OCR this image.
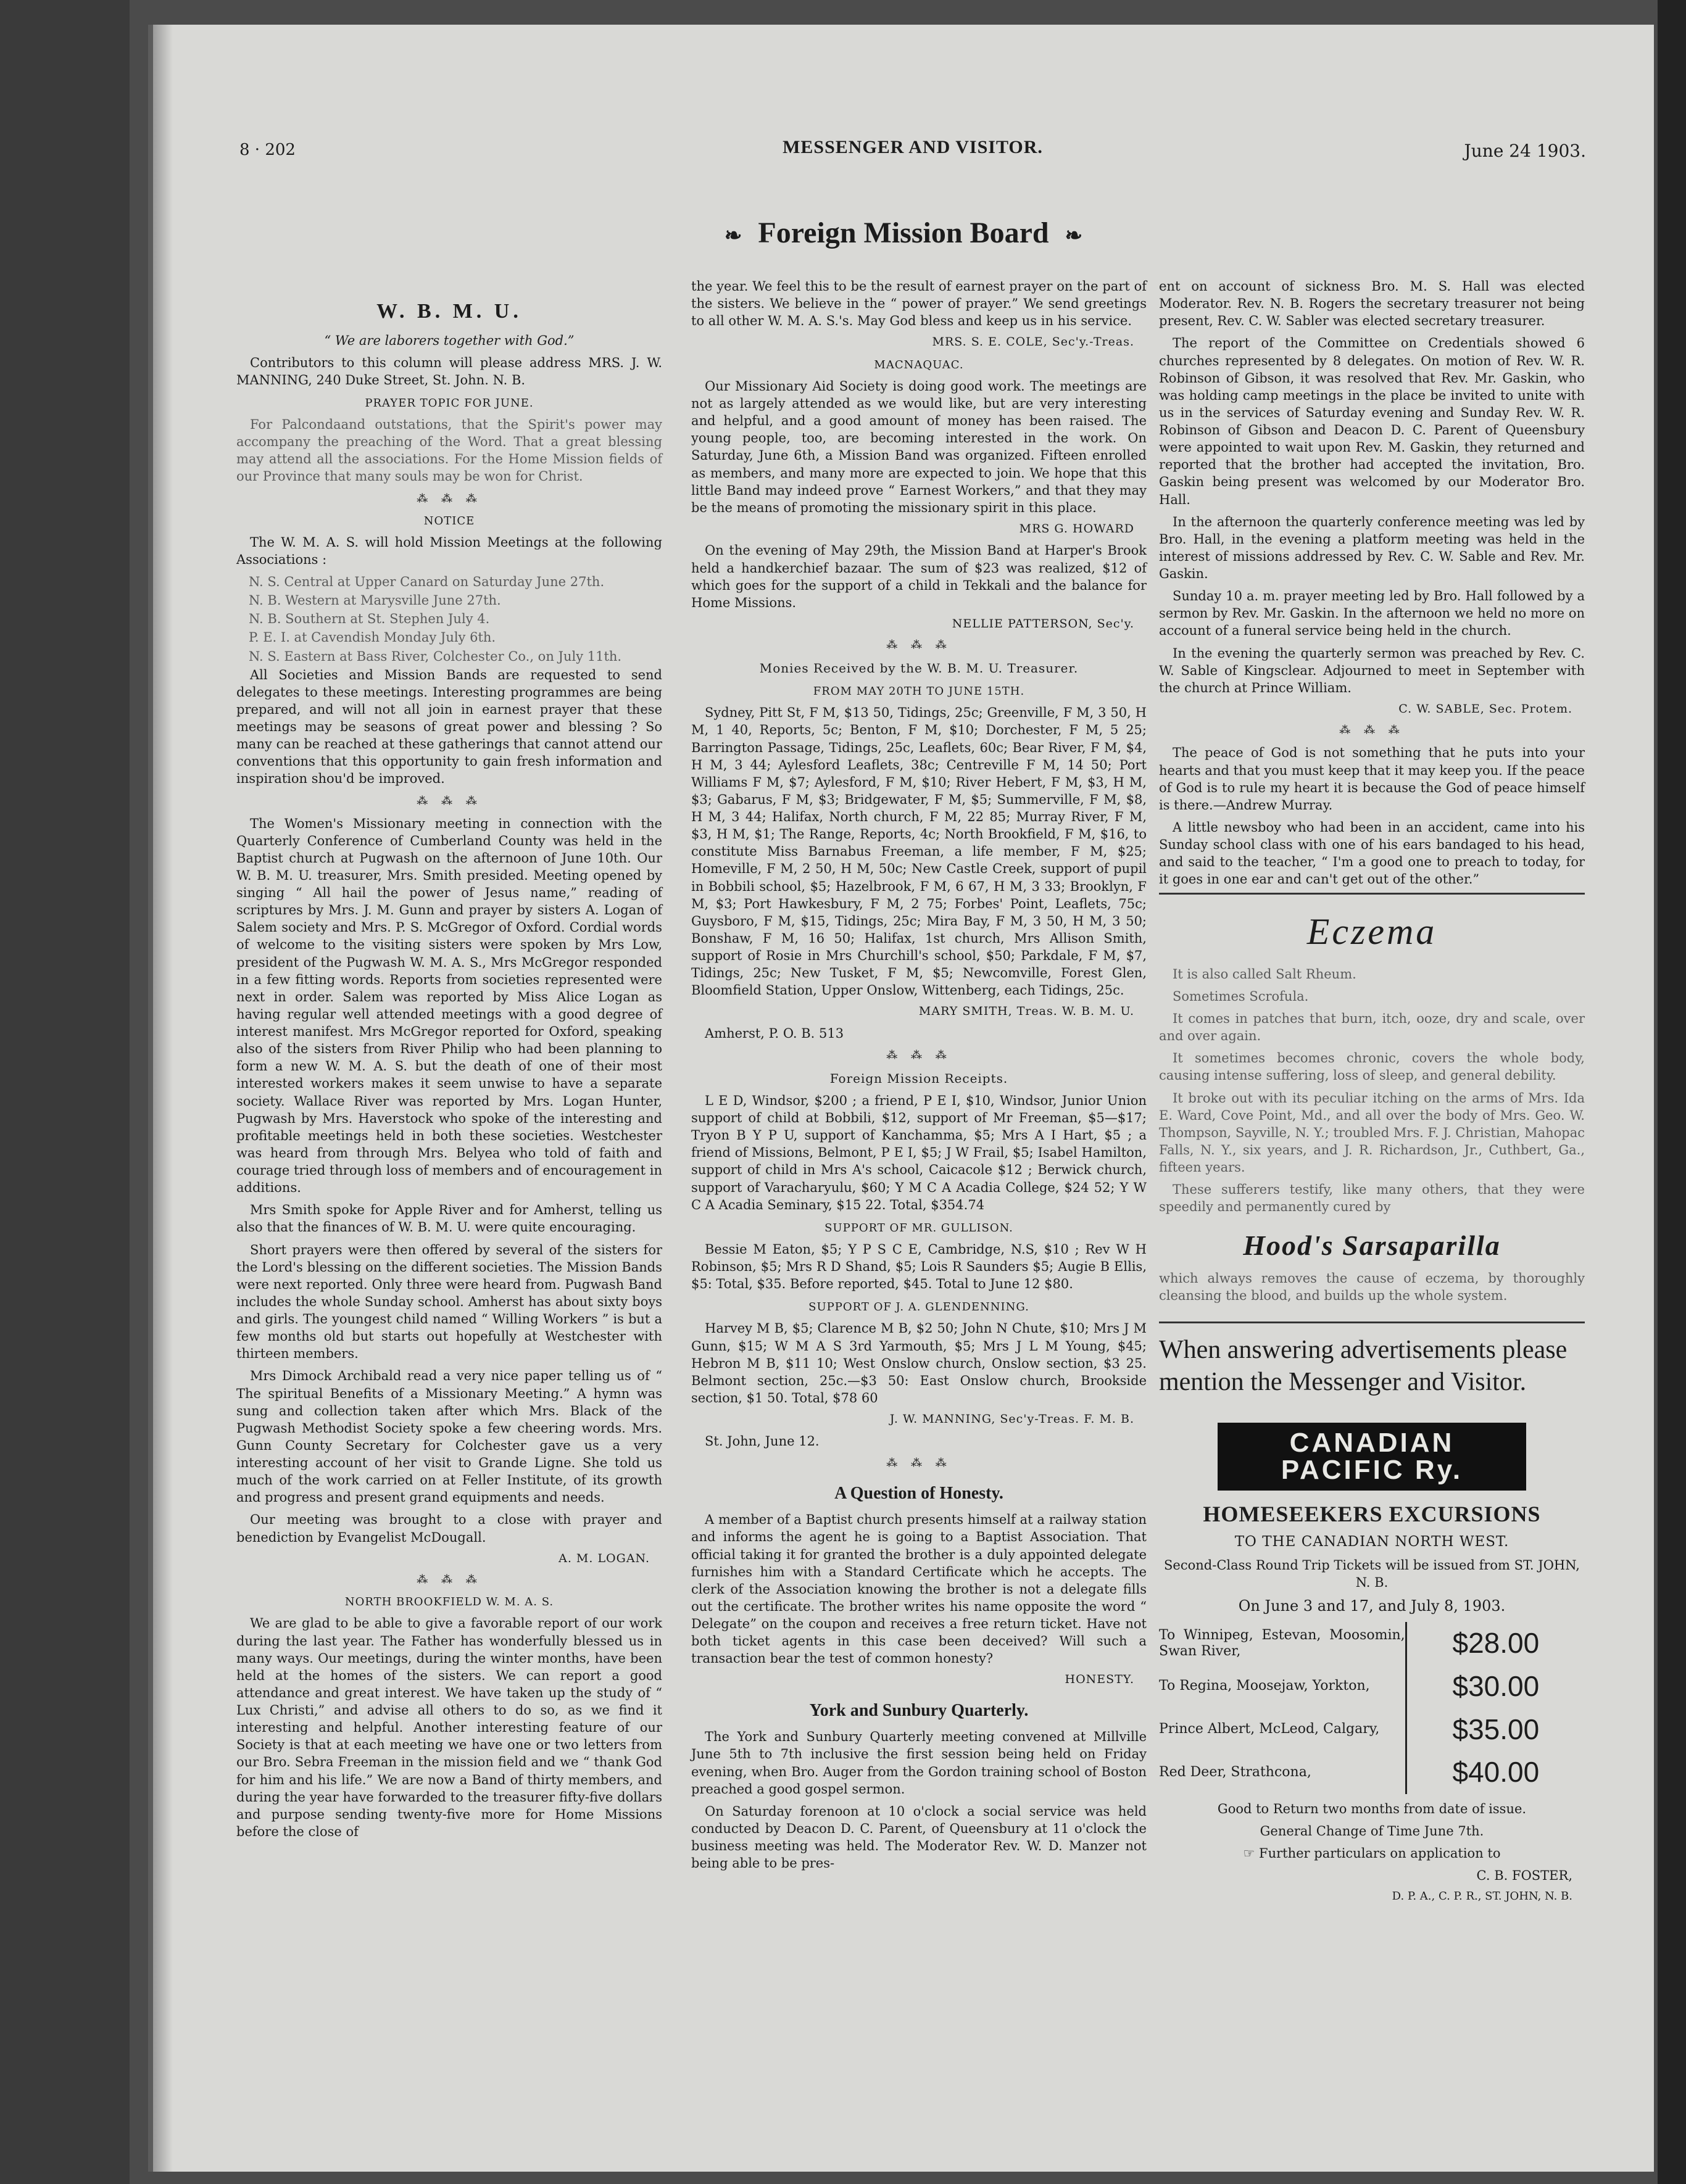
8 · 202	MESSENGER AND VISITOR.	June 24 1903.
❧ Foreign Mission Board ❧
W. B. M. U.

“ We are laborers together with God.”

Contributors to this column will please address MRS. J. W. MANNING, 240 Duke Street, St. John. N. B.

PRAYER TOPIC FOR JUNE.

For Palcondaand outstations, that the Spirit's power may accompany the preaching of the Word. That a great blessing may attend all the associations. For the Home Mission fields of our Province that many souls may be won for Christ.

⁂ ⁂ ⁂
NOTICE

The W. M. A. S. will hold Mission Meetings at the following Associations :

N. S. Central at Upper Canard on Saturday June 27th.

N. B. Western at Marysville June 27th.

N. B. Southern at St. Stephen July 4.

P. E. I. at Cavendish Monday July 6th.

N. S. Eastern at Bass River, Colchester Co., on July 11th.

All Societies and Mission Bands are requested to send delegates to these meetings. Interesting programmes are being prepared, and will not all join in earnest prayer that these meetings may be seasons of great power and blessing ? So many can be reached at these gatherings that cannot attend our conventions that this opportunity to gain fresh information and inspiration shou'd be improved.

⁂ ⁂ ⁂

The Women's Missionary meeting in connection with the Quarterly Conference of Cumberland County was held in the Baptist church at Pugwash on the afternoon of June 10th. Our W. B. M. U. treasurer, Mrs. Smith presided. Meeting opened by singing “ All hail the power of Jesus name,” reading of scriptures by Mrs. J. M. Gunn and prayer by sisters A. Logan of Salem society and Mrs. P. S. McGregor of Oxford. Cordial words of welcome to the visiting sisters were spoken by Mrs Low, president of the Pugwash W. M. A. S., Mrs McGregor responded in a few fitting words. Reports from societies represented were next in order. Salem was reported by Miss Alice Logan as having regular well attended meetings with a good degree of interest manifest. Mrs McGregor reported for Oxford, speaking also of the sisters from River Philip who had been planning to form a new W. M. A. S. but the death of one of their most interested workers makes it seem unwise to have a separate society. Wallace River was reported by Mrs. Logan Hunter, Pugwash by Mrs. Haverstock who spoke of the interesting and profitable meetings held in both these societies. Westchester was heard from through Mrs. Belyea who told of faith and courage tried through loss of members and of encouragement in additions.

Mrs Smith spoke for Apple River and for Amherst, telling us also that the finances of W. B. M. U. were quite encouraging.

Short prayers were then offered by several of the sisters for the Lord's blessing on the different societies. The Mission Bands were next reported. Only three were heard from. Pugwash Band includes the whole Sunday school. Amherst has about sixty boys and girls. The youngest child named “ Willing Workers ” is but a few months old but starts out hopefully at Westchester with thirteen members.

Mrs Dimock Archibald read a very nice paper telling us of “ The spiritual Benefits of a Missionary Meeting.” A hymn was sung and collection taken after which Mrs. Black of the Pugwash Methodist Society spoke a few cheering words. Mrs. Gunn County Secretary for Colchester gave us a very interesting account of her visit to Grande Ligne. She told us much of the work carried on at Feller Institute, of its growth and progress and present grand equipments and needs.

Our meeting was brought to a close with prayer and benediction by Evangelist McDougall.

A. M. LOGAN.

⁂ ⁂ ⁂
NORTH BROOKFIELD W. M. A. S.

We are glad to be able to give a favorable report of our work during the last year. The Father has wonderfully blessed us in many ways. Our meetings, during the winter months, have been held at the homes of the sisters. We can report a good attendance and great interest. We have taken up the study of “ Lux Christi,” and advise all others to do so, as we find it interesting and helpful. Another interesting feature of our Society is that at each meeting we have one or two letters from our Bro. Sebra Freeman in the mission field and we “ thank God for him and his life.” We are now a Band of thirty members, and during the year have forwarded to the treasurer fifty-five dollars and purpose sending twenty-five more for Home Missions before the close of

the year. We feel this to be the result of earnest prayer on the part of the sisters. We believe in the “ power of prayer.” We send greetings to all other W. M. A. S.'s. May God bless and keep us in his service.

MRS. S. E. COLE, Sec'y.-Treas.

MACNAQUAC.

Our Missionary Aid Society is doing good work. The meetings are not as largely attended as we would like, but are very interesting and helpful, and a good amount of money has been raised. The young people, too, are becoming interested in the work. On Saturday, June 6th, a Mission Band was organized. Fifteen enrolled as members, and many more are expected to join. We hope that this little Band may indeed prove “ Earnest Workers,” and that they may be the means of promoting the missionary spirit in this place.

MRS G. HOWARD

On the evening of May 29th, the Mission Band at Harper's Brook held a handkerchief bazaar. The sum of $23 was realized, $12 of which goes for the support of a child in Tekkali and the balance for Home Missions.

NELLIE PATTERSON, Sec'y.

⁂ ⁂ ⁂
Monies Received by the W. B. M. U. Treasurer.
FROM MAY 20TH TO JUNE 15TH.

Sydney, Pitt St, F M, $13 50, Tidings, 25c; Greenville, F M, 3 50, H M, 1 40, Reports, 5c; Benton, F M, $10; Dorchester, F M, 5 25; Barrington Passage, Tidings, 25c, Leaflets, 60c; Bear River, F M, $4, H M, 3 44; Aylesford Leaflets, 38c; Centreville F M, 14 50; Port Williams F M, $7; Aylesford, F M, $10; River Hebert, F M, $3, H M, $3; Gabarus, F M, $3; Bridgewater, F M, $5; Summerville, F M, $8, H M, 3 44; Halifax, North church, F M, 22 85; Murray River, F M, $3, H M, $1; The Range, Reports, 4c; North Brookfield, F M, $16, to constitute Miss Barnabus Freeman, a life member, F M, $25; Homeville, F M, 2 50, H M, 50c; New Castle Creek, support of pupil in Bobbili school, $5; Hazelbrook, F M, 6 67, H M, 3 33; Brooklyn, F M, $3; Port Hawkesbury, F M, 2 75; Forbes' Point, Leaflets, 75c; Guysboro, F M, $15, Tidings, 25c; Mira Bay, F M, 3 50, H M, 3 50; Bonshaw, F M, 16 50; Halifax, 1st church, Mrs Allison Smith, support of Rosie in Mrs Churchill's school, $50; Parkdale, F M, $7, Tidings, 25c; New Tusket, F M, $5; Newcomville, Forest Glen, Bloomfield Station, Upper Onslow, Wittenberg, each Tidings, 25c.

MARY SMITH, Treas. W. B. M. U.

Amherst, P. O. B. 513

⁂ ⁂ ⁂
Foreign Mission Receipts.

L E D, Windsor, $200 ; a friend, P E I, $10, Windsor, Junior Union support of child at Bobbili, $12, support of Mr Freeman, $5—$17; Tryon B Y P U, support of Kanchamma, $5; Mrs A I Hart, $5 ; a friend of Missions, Belmont, P E I, $5; J W Frail, $5; Isabel Hamilton, support of child in Mrs A's school, Caicacole $12 ; Berwick church, support of Varacharyulu, $60; Y M C A Acadia College, $24 52; Y W C A Acadia Seminary, $15 22. Total, $354.74

SUPPORT OF MR. GULLISON.

Bessie M Eaton, $5; Y P S C E, Cambridge, N.S, $10 ; Rev W H Robinson, $5; Mrs R D Shand, $5; Lois R Saunders $5; Augie B Ellis, $5: Total, $35. Before reported, $45. Total to June 12 $80.

SUPPORT OF J. A. GLENDENNING.

Harvey M B, $5; Clarence M B, $2 50; John N Chute, $10; Mrs J M Gunn, $15; W M A S 3rd Yarmouth, $5; Mrs J L M Young, $45; Hebron M B, $11 10; West Onslow church, Onslow section, $3 25. Belmont section, 25c.—$3 50: East Onslow church, Brookside section, $1 50. Total, $78 60

J. W. MANNING, Sec'y-Treas. F. M. B.

St. John, June 12.

⁂ ⁂ ⁂
A Question of Honesty.

A member of a Baptist church presents himself at a railway station and informs the agent he is going to a Baptist Association. That official taking it for granted the brother is a duly appointed delegate furnishes him with a Standard Certificate which he accepts. The clerk of the Association knowing the brother is not a delegate fills out the certificate. The brother writes his name opposite the word “ Delegate” on the coupon and receives a free return ticket. Have not both ticket agents in this case been deceived? Will such a transaction bear the test of common honesty?

HONESTY.

York and Sunbury Quarterly.

The York and Sunbury Quarterly meeting convened at Millville June 5th to 7th inclusive the first session being held on Friday evening, when Bro. Auger from the Gordon training school of Boston preached a good gospel sermon.

On Saturday forenoon at 10 o'clock a social service was held conducted by Deacon D. C. Parent, of Queensbury at 11 o'clock the business meeting was held. The Moderator Rev. W. D. Manzer not being able to be pres-

ent on account of sickness Bro. M. S. Hall was elected Moderator. Rev. N. B. Rogers the secretary treasurer not being present, Rev. C. W. Sabler was elected secretary treasurer.

The report of the Committee on Credentials showed 6 churches represented by 8 delegates. On motion of Rev. W. R. Robinson of Gibson, it was resolved that Rev. Mr. Gaskin, who was holding camp meetings in the place be invited to unite with us in the services of Saturday evening and Sunday Rev. W. R. Robinson of Gibson and Deacon D. C. Parent of Queensbury were appointed to wait upon Rev. M. Gaskin, they returned and reported that the brother had accepted the invitation, Bro. Gaskin being present was welcomed by our Moderator Bro. Hall.

In the afternoon the quarterly conference meeting was led by Bro. Hall, in the evening a platform meeting was held in the interest of missions addressed by Rev. C. W. Sable and Rev. Mr. Gaskin.

Sunday 10 a. m. prayer meeting led by Bro. Hall followed by a sermon by Rev. Mr. Gaskin. In the afternoon we held no more on account of a funeral service being held in the church.

In the evening the quarterly sermon was preached by Rev. C. W. Sable of Kingsclear. Adjourned to meet in September with the church at Prince William.

C. W. SABLE, Sec. Protem.

⁂ ⁂ ⁂

The peace of God is not something that he puts into your hearts and that you must keep that it may keep you. If the peace of God is to rule my heart it is because the God of peace himself is there.—Andrew Murray.

A little newsboy who had been in an accident, came into his Sunday school class with one of his ears bandaged to his head, and said to the teacher, “ I'm a good one to preach to today, for it goes in one ear and can't get out of the other.”

Eczema

It is also called Salt Rheum.

Sometimes Scrofula.

It comes in patches that burn, itch, ooze, dry and scale, over and over again.

It sometimes becomes chronic, covers the whole body, causing intense suffering, loss of sleep, and general debility.

It broke out with its peculiar itching on the arms of Mrs. Ida E. Ward, Cove Point, Md., and all over the body of Mrs. Geo. W. Thompson, Sayville, N. Y.; troubled Mrs. F. J. Christian, Mahopac Falls, N. Y., six years, and J. R. Richardson, Jr., Cuthbert, Ga., fifteen years.

These sufferers testify, like many others, that they were speedily and permanently cured by

Hood's Sarsaparilla

which always removes the cause of eczema, by thoroughly cleansing the blood, and builds up the whole system.

When answering advertisements please mention the Messenger and Visitor.
CANADIAN
PACIFIC Ry.
HOMESEEKERS EXCURSIONS

TO THE CANADIAN NORTH WEST.

Second-Class Round Trip Tickets will be issued from ST. JOHN, N. B.

On June 3 and 17, and July 8, 1903.

To Winnipeg, Estevan, Moosomin, Swan River,	$28.00
To Regina, Moosejaw, Yorkton,	$30.00
Prince Albert, McLeod, Calgary,	$35.00
Red Deer, Strathcona,	$40.00

Good to Return two months from date of issue.

General Change of Time June 7th.

☞ Further particulars on application to

C. B. FOSTER,

D. P. A., C. P. R., ST. JOHN, N. B.
